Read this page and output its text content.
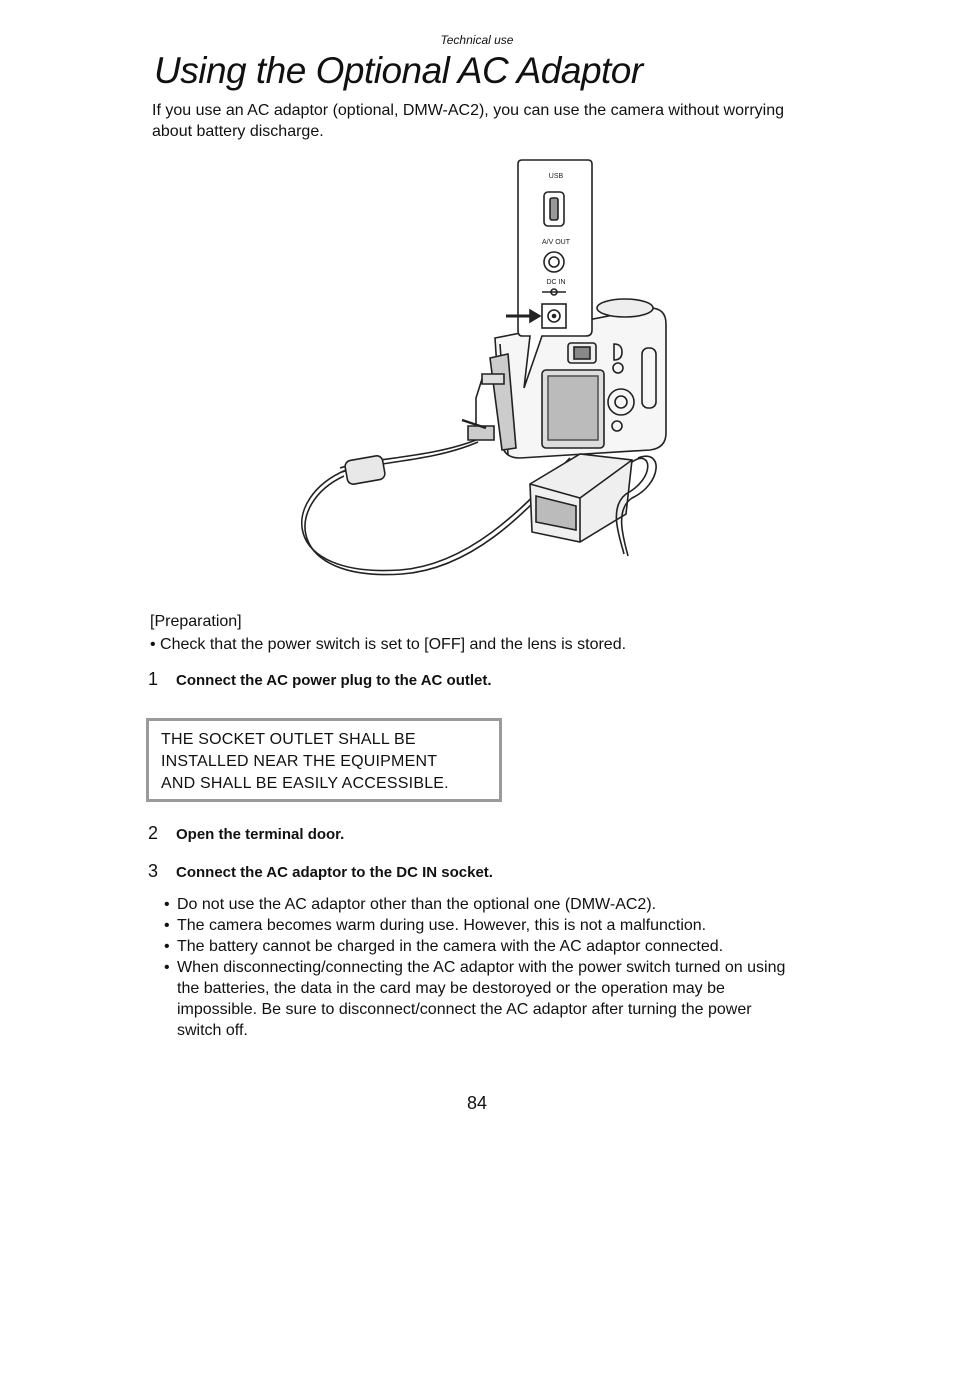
Technical use
Using the Optional AC Adaptor
If you use an AC adaptor (optional, DMW-AC2), you can use the camera without worrying about battery discharge.
USB
A/V OUT
DC IN
[Preparation]
• Check that the power switch is set to [OFF] and the lens is stored.
1 Connect the AC power plug to the AC outlet.
THE SOCKET OUTLET SHALL BE
INSTALLED NEAR THE EQUIPMENT
AND SHALL BE EASILY ACCESSIBLE.
2 Open the terminal door.
3 Connect the AC adaptor to the DC IN socket.
• Do not use the AC adaptor other than the optional one (DMW-AC2).
• The camera becomes warm during use. However, this is not a malfunction.
• The battery cannot be charged in the camera with the AC adaptor connected.
• When disconnecting/connecting the AC adaptor with the power switch turned on using the batteries, the data in the card may be destoroyed or the operation may be impossible. Be sure to disconnect/connect the AC adaptor after turning the power switch off.
84
